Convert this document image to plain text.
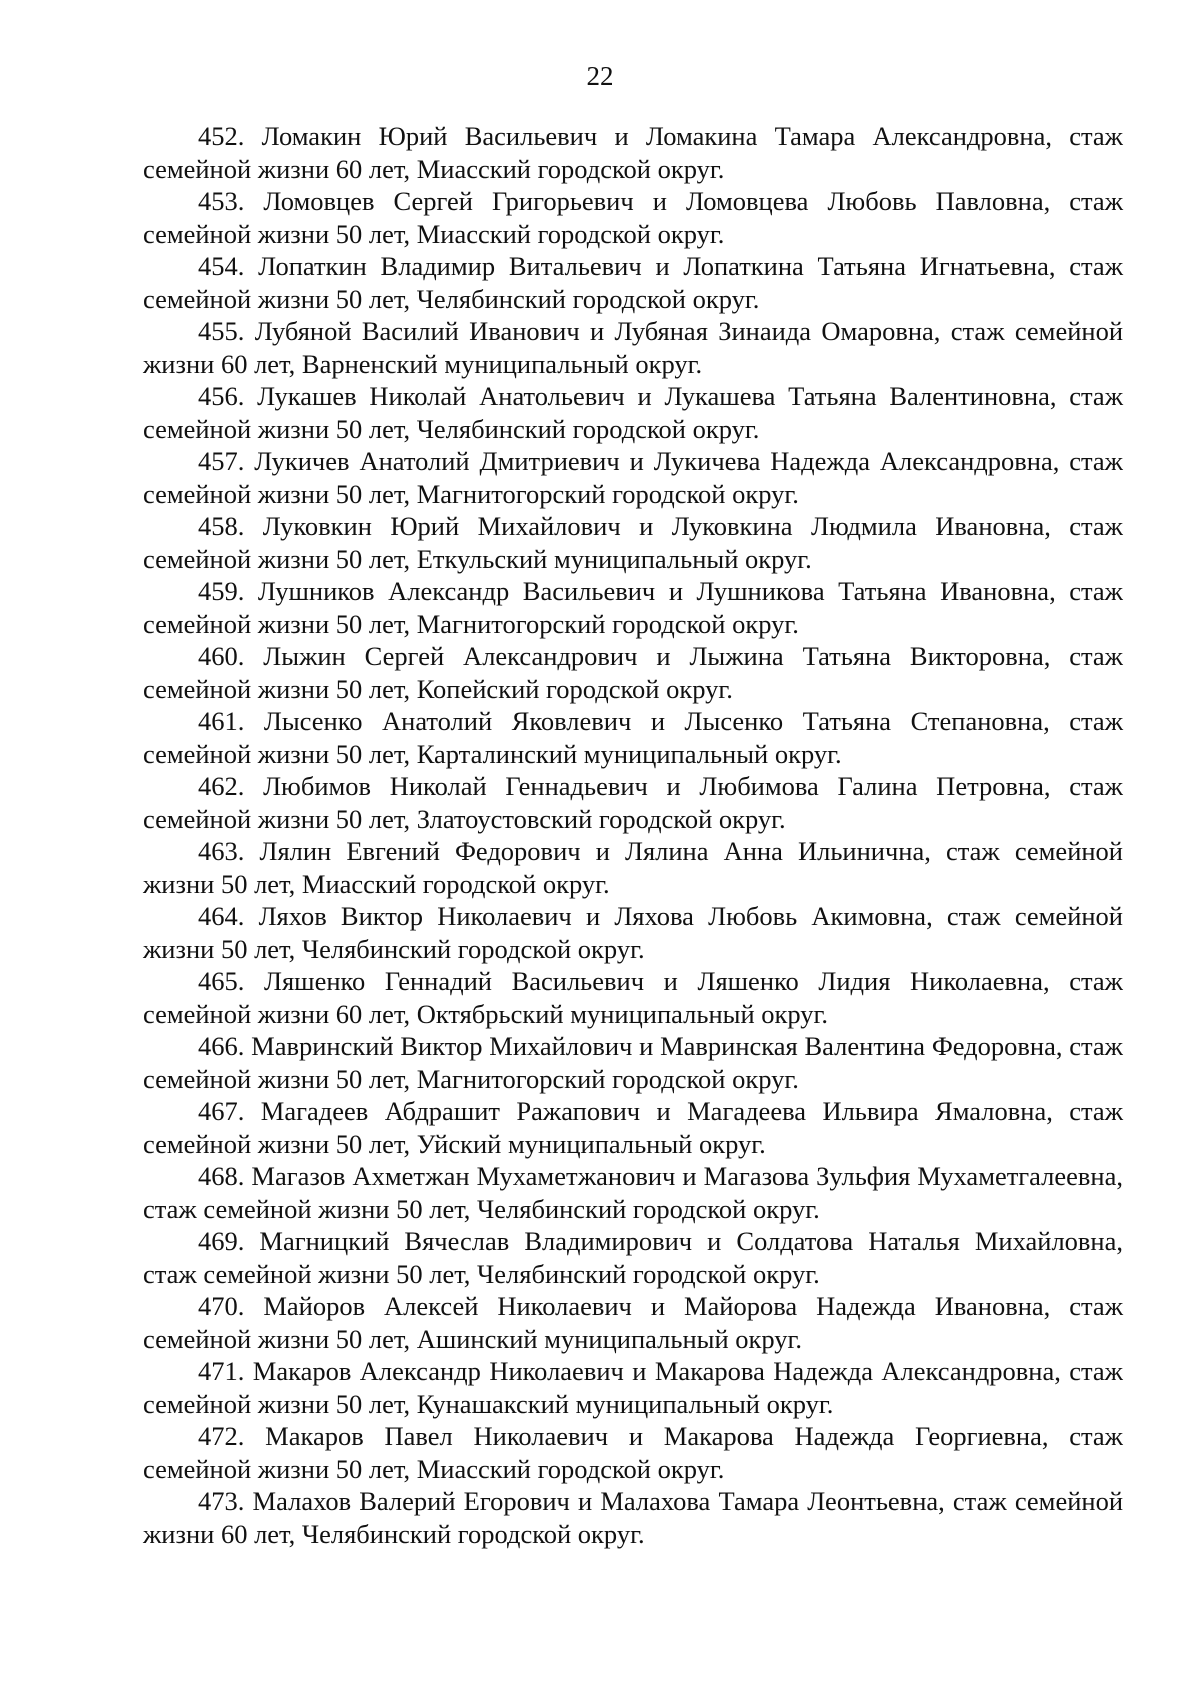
22

452. Ломакин Юрий Васильевич и Ломакина Тамара Александровна, стаж семейной жизни 60 лет, Миасский городской округ.

453. Ломовцев Сергей Григорьевич и Ломовцева Любовь Павловна, стаж семейной жизни 50 лет, Миасский городской округ.

454. Лопаткин Владимир Витальевич и Лопаткина Татьяна Игнатьевна, стаж семейной жизни 50 лет, Челябинский городской округ.

455. Лубяной Василий Иванович и Лубяная Зинаида Омаровна, стаж семейной жизни 60 лет, Варненский муниципальный округ.

456. Лукашев Николай Анатольевич и Лукашева Татьяна Валентиновна, стаж семейной жизни 50 лет, Челябинский городской округ.

457. Лукичев Анатолий Дмитриевич и Лукичева Надежда Александровна, стаж семейной жизни 50 лет, Магнитогорский городской округ.

458. Луковкин Юрий Михайлович и Луковкина Людмила Ивановна, стаж семейной жизни 50 лет, Еткульский муниципальный округ.

459. Лушников Александр Васильевич и Лушникова Татьяна Ивановна, стаж семейной жизни 50 лет, Магнитогорский городской округ.

460. Лыжин Сергей Александрович и Лыжина Татьяна Викторовна, стаж семейной жизни 50 лет, Копейский городской округ.

461. Лысенко Анатолий Яковлевич и Лысенко Татьяна Степановна, стаж семейной жизни 50 лет, Карталинский муниципальный округ.

462. Любимов Николай Геннадьевич и Любимова Галина Петровна, стаж семейной жизни 50 лет, Златоустовский городской округ.

463. Лялин Евгений Федорович и Лялина Анна Ильинична, стаж семейной жизни 50 лет, Миасский городской округ.

464. Ляхов Виктор Николаевич и Ляхова Любовь Акимовна, стаж семейной жизни 50 лет, Челябинский городской округ.

465. Ляшенко Геннадий Васильевич и Ляшенко Лидия Николаевна, стаж семейной жизни 60 лет, Октябрьский муниципальный округ.

466. Мавринский Виктор Михайлович и Мавринская Валентина Федоровна, стаж семейной жизни 50 лет, Магнитогорский городской округ.

467. Магадеев Абдрашит Ражапович и Магадеева Ильвира Ямаловна, стаж семейной жизни 50 лет, Уйский муниципальный округ.

468. Магазов Ахметжан Мухаметжанович и Магазова Зульфия Мухаметгалеевна, стаж семейной жизни 50 лет, Челябинский городской округ.

469. Магницкий Вячеслав Владимирович и Солдатова Наталья Михайловна, стаж семейной жизни 50 лет, Челябинский городской округ.

470. Майоров Алексей Николаевич и Майорова Надежда Ивановна, стаж семейной жизни 50 лет, Ашинский муниципальный округ.

471. Макаров Александр Николаевич и Макарова Надежда Александровна, стаж семейной жизни 50 лет, Кунашакский муниципальный округ.

472. Макаров Павел Николаевич и Макарова Надежда Георгиевна, стаж семейной жизни 50 лет, Миасский городской округ.

473. Малахов Валерий Егорович и Малахова Тамара Леонтьевна, стаж семейной жизни 60 лет, Челябинский городской округ.
